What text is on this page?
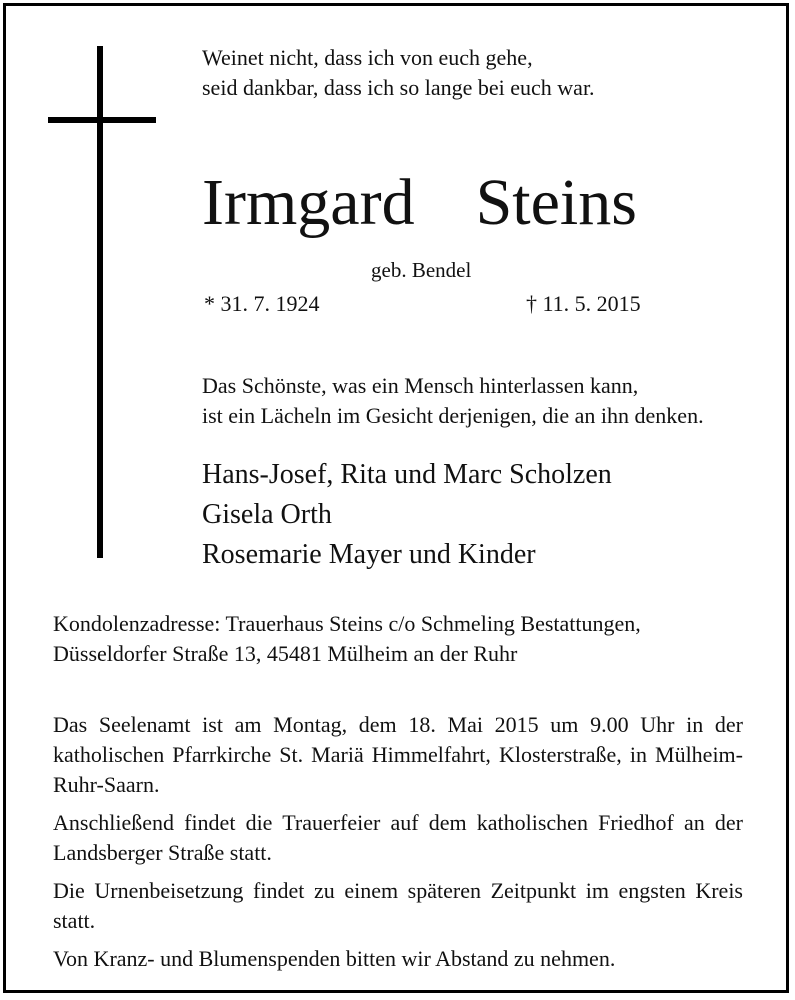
Weinet nicht, dass ich von euch gehe,
seid dankbar, dass ich so lange bei euch war.
Irmgard  Steins
geb. Bendel
* 31. 7. 1924	† 11. 5. 2015
Das Schönste, was ein Mensch hinterlassen kann,
ist ein Lächeln im Gesicht derjenigen, die an ihn denken.
Hans-Josef, Rita und Marc Scholzen
Gisela Orth
Rosemarie Mayer und Kinder
Kondolenzadresse: Trauerhaus Steins c/o Schmeling Bestattungen,
Düsseldorfer Straße 13, 45481 Mülheim an der Ruhr

Das Seelenamt ist am Montag, dem 18. Mai 2015 um 9.00 Uhr in der katholischen Pfarrkirche St. Mariä Himmelfahrt, Klosterstraße, in Mülheim-Ruhr-Saarn.

Anschließend findet die Trauerfeier auf dem katholischen Friedhof an der Landsberger Straße statt.

Die Urnenbeisetzung findet zu einem späteren Zeitpunkt im engsten Kreis statt.

Von Kranz- und Blumenspenden bitten wir Abstand zu nehmen.
